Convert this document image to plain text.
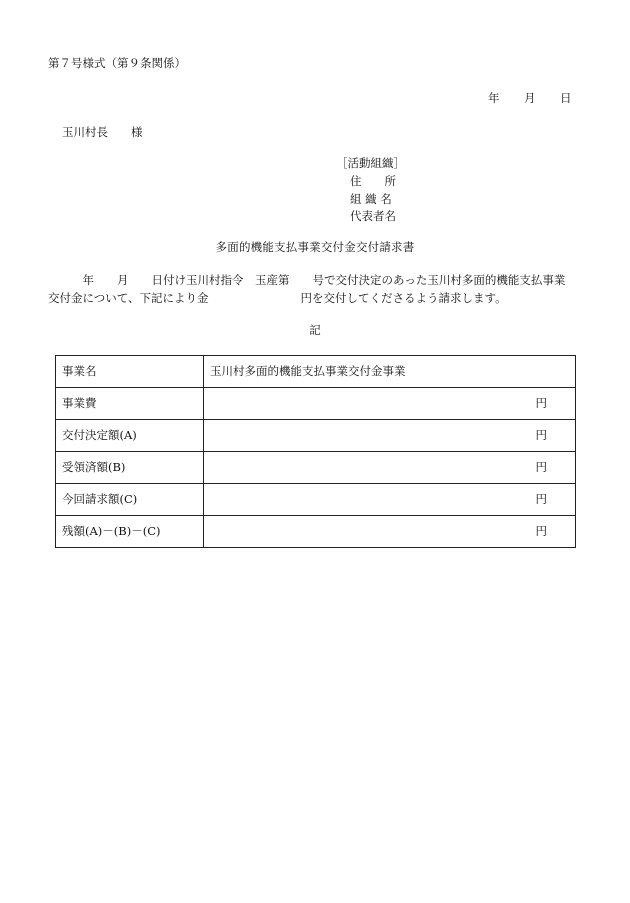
第７号様式（第９条関係）
年 月 日
玉川村長　　様
［活動組織］
住　　所
組 織 名
代表者名
多面的機能支払事業交付金交付請求書
　　　年　　月　　日付け玉川村指令　玉産第　　号で交付決定のあった玉川村多面的機能支払事業
交付金について、下記により金　　　　　　　　円を交付してくださるよう請求します。
記
事業名	玉川村多面的機能支払事業交付金事業
事業費	円
交付決定額(A)	円
受領済額(B)	円
今回請求額(C)	円
残額(A)－(B)－(C)	円
